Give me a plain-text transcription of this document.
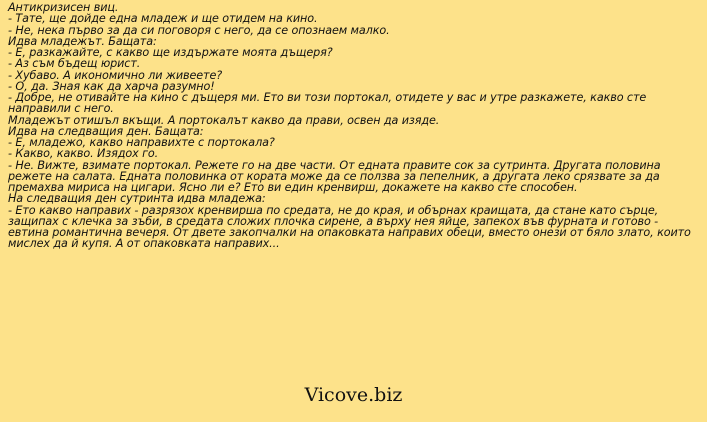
Антикризисен виц.

- Тате, ще дойде една младеж и ще отидем на кино.

- Не, нека първо за да си поговоря с него, да се опознаем малко.

Идва младежът. Бащата:

- Е, разкажайте, с какво ще издържате моята дъщеря?

- Аз съм бъдещ юрист.

- Хубаво. А икономично ли живеете?

- О, да. Зная как да харча разумно!

- Добре, не отивайте на кино с дъщеря ми. Ето ви този портокал, отидете у вас и утре разкажете, какво сте направили с него.

Младежът отишъл вкъщи. А портокалът какво да прави, освен да изяде.

Идва на следващия ден. Бащата:

- Е, младежо, какво направихте с портокала?

- Какво, какво. Изядох го.

- Не. Вижте, взимате портокал. Режете го на две части. От едната правите сок за сутринта. Другата половина режете на салата. Едната половинка от кората може да се ползва за пепелник, а другата леко срязвате за да премахва мириса на цигари. Ясно ли е? Ето ви един кренвирш, докажете на какво сте способен.

На следващия ден сутринта идва младежа:

- Ето какво направих - разрязох кренвирша по средата, не до края, и обърнах краищата, да стане като сърце, защипах с клечка за зъби, в средата сложих плочка сирене, а върху нея яйце, запекох във фурната и готово - евтина романтична вечеря. От двете закопчалки на опаковката направих обеци, вместо онези от бяло злато, които мислех да й купя. А от опаковката направих...

Vicove.biz
